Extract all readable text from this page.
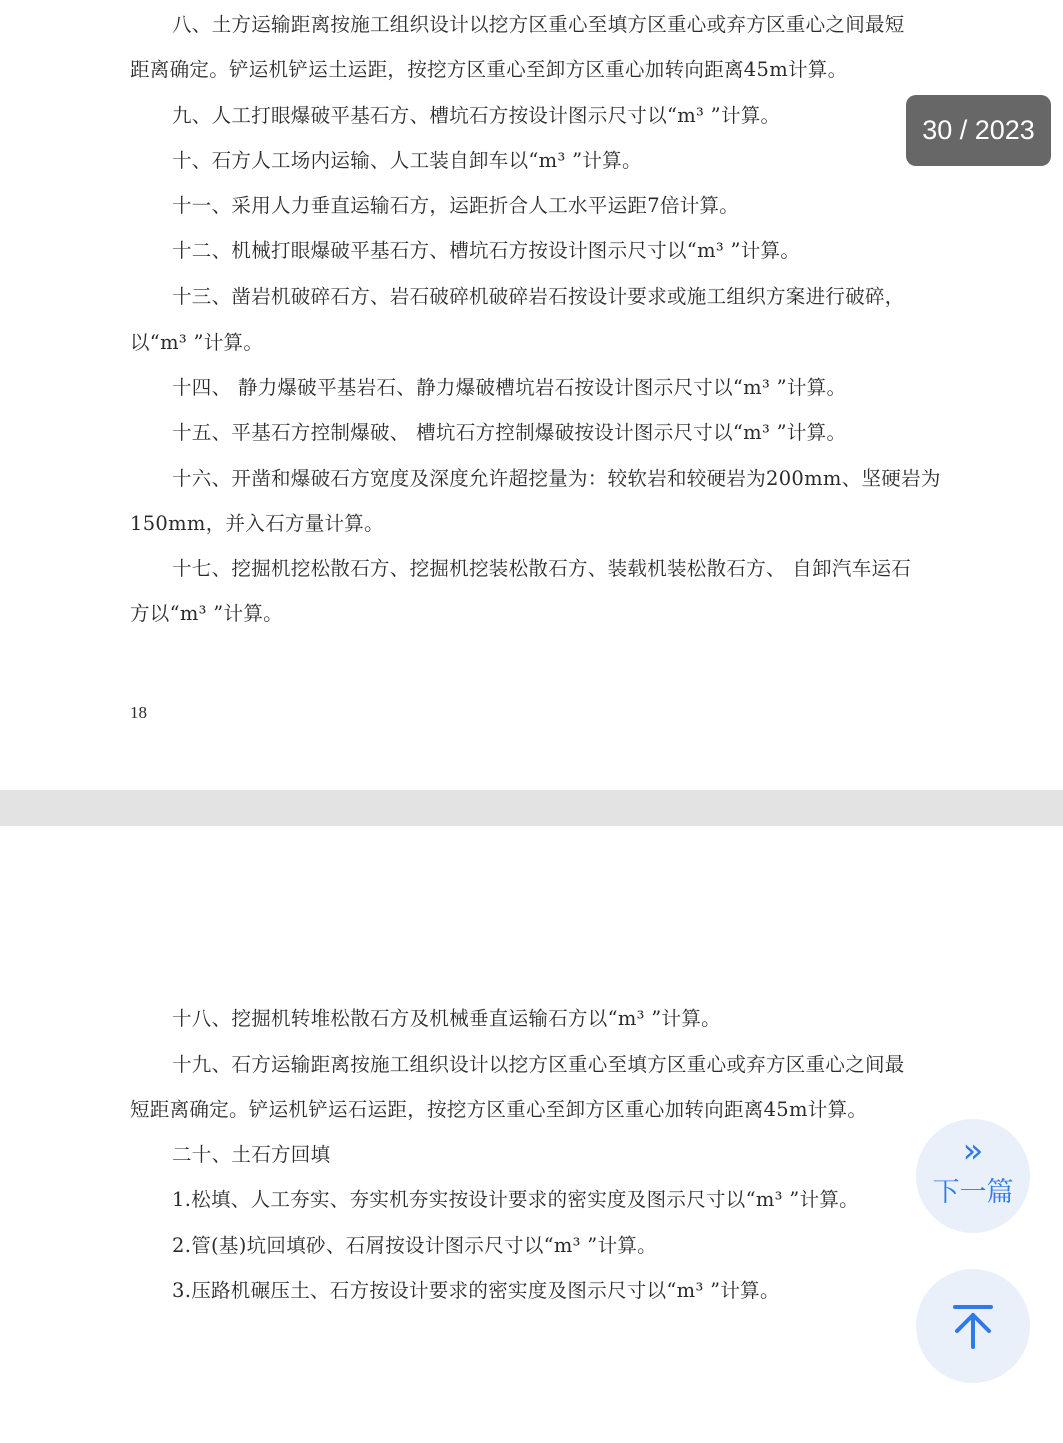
八、土方运输距离按施工组织设计以挖方区重心至填方区重心或弃方区重心之间最短
距离确定。铲运机铲运土运距，按挖方区重心至卸方区重心加转向距离45m计算。
九、人工打眼爆破平基石方、槽坑石方按设计图示尺寸以“m³ ”计算。
十、石方人工场内运输、人工装自卸车以“m³ ”计算。
十一、采用人力垂直运输石方，运距折合人工水平运距7倍计算。
十二、机械打眼爆破平基石方、槽坑石方按设计图示尺寸以“m³ ”计算。
十三、凿岩机破碎石方、岩石破碎机破碎岩石按设计要求或施工组织方案进行破碎，
以“m³ ”计算。
十四、 静力爆破平基岩石、静力爆破槽坑岩石按设计图示尺寸以“m³ ”计算。
十五、平基石方控制爆破、 槽坑石方控制爆破按设计图示尺寸以“m³ ”计算。
十六、开凿和爆破石方宽度及深度允许超挖量为：较软岩和较硬岩为200mm、坚硬岩为
150mm，并入石方量计算。
十七、挖掘机挖松散石方、挖掘机挖装松散石方、装载机装松散石方、 自卸汽车运石
方以“m³ ”计算。
18
十八、挖掘机转堆松散石方及机械垂直运输石方以“m³ ”计算。
十九、石方运输距离按施工组织设计以挖方区重心至填方区重心或弃方区重心之间最
短距离确定。铲运机铲运石运距，按挖方区重心至卸方区重心加转向距离45m计算。
二十、土石方回填
1.松填、人工夯实、夯实机夯实按设计要求的密实度及图示尺寸以“m³ ”计算。
2.管(基)坑回填砂、石屑按设计图示尺寸以“m³ ”计算。
3.压路机碾压土、石方按设计要求的密实度及图示尺寸以“m³ ”计算。
30 / 2023
»
下一篇
